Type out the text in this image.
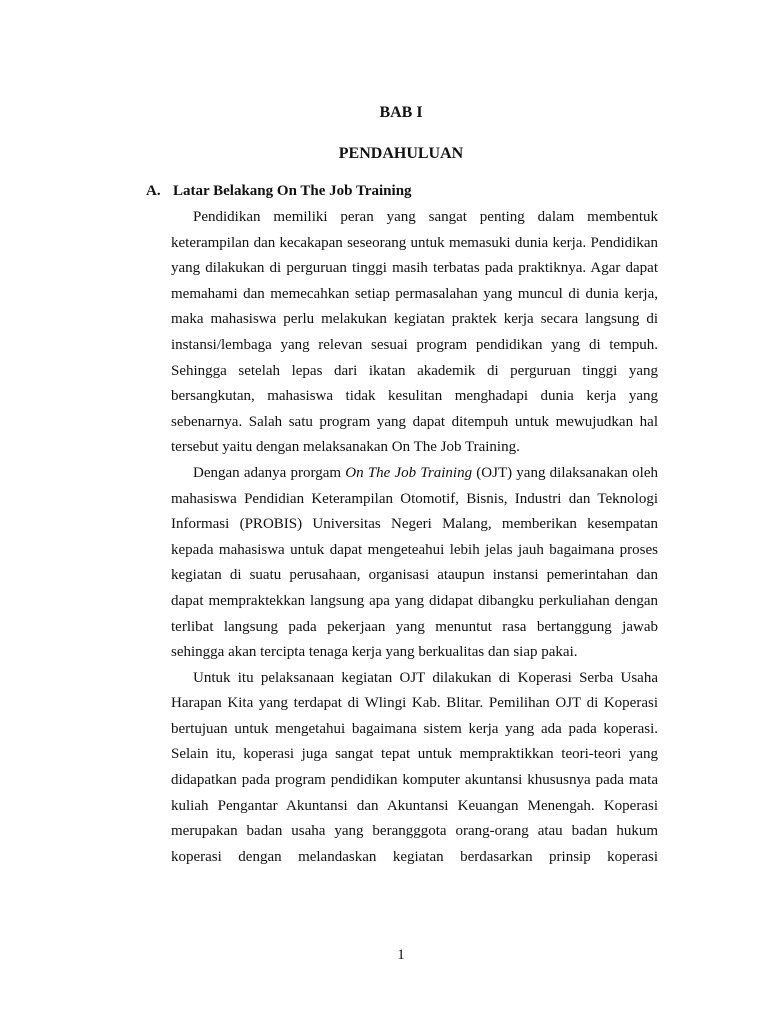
BAB I
PENDAHULUAN
A. Latar Belakang On The Job Training

Pendidikan memiliki peran yang sangat penting dalam membentuk keterampilan dan kecakapan seseorang untuk memasuki dunia kerja. Pendidikan yang dilakukan di perguruan tinggi masih terbatas pada praktiknya. Agar dapat memahami dan memecahkan setiap permasalahan yang muncul di dunia kerja, maka mahasiswa perlu melakukan kegiatan praktek kerja secara langsung di instansi/lembaga yang relevan sesuai program pendidikan yang di tempuh. Sehingga setelah lepas dari ikatan akademik di perguruan tinggi yang bersangkutan, mahasiswa tidak kesulitan menghadapi dunia kerja yang sebenarnya. Salah satu program yang dapat ditempuh untuk mewujudkan hal tersebut yaitu dengan melaksanakan On The Job Training.

Dengan adanya prorgam On The Job Training (OJT) yang dilaksanakan oleh mahasiswa Pendidian Keterampilan Otomotif, Bisnis, Industri dan Teknologi Informasi (PROBIS) Universitas Negeri Malang, memberikan kesempatan kepada mahasiswa untuk dapat mengeteahui lebih jelas jauh bagaimana proses kegiatan di suatu perusahaan, organisasi ataupun instansi pemerintahan dan dapat mempraktekkan langsung apa yang didapat dibangku perkuliahan dengan terlibat langsung pada pekerjaan yang menuntut rasa bertanggung jawab sehingga akan tercipta tenaga kerja yang berkualitas dan siap pakai.

Untuk itu pelaksanaan kegiatan OJT dilakukan di Koperasi Serba Usaha Harapan Kita yang terdapat di Wlingi Kab. Blitar. Pemilihan OJT di Koperasi bertujuan untuk mengetahui bagaimana sistem kerja yang ada pada koperasi. Selain itu, koperasi juga sangat tepat untuk mempraktikkan teori-teori yang didapatkan pada program pendidikan komputer akuntansi khususnya pada mata kuliah Pengantar Akuntansi dan Akuntansi Keuangan Menengah. Koperasi merupakan badan usaha yang berangggota orang-orang atau badan hukum koperasi dengan melandaskan kegiatan berdasarkan prinsip koperasi

1
